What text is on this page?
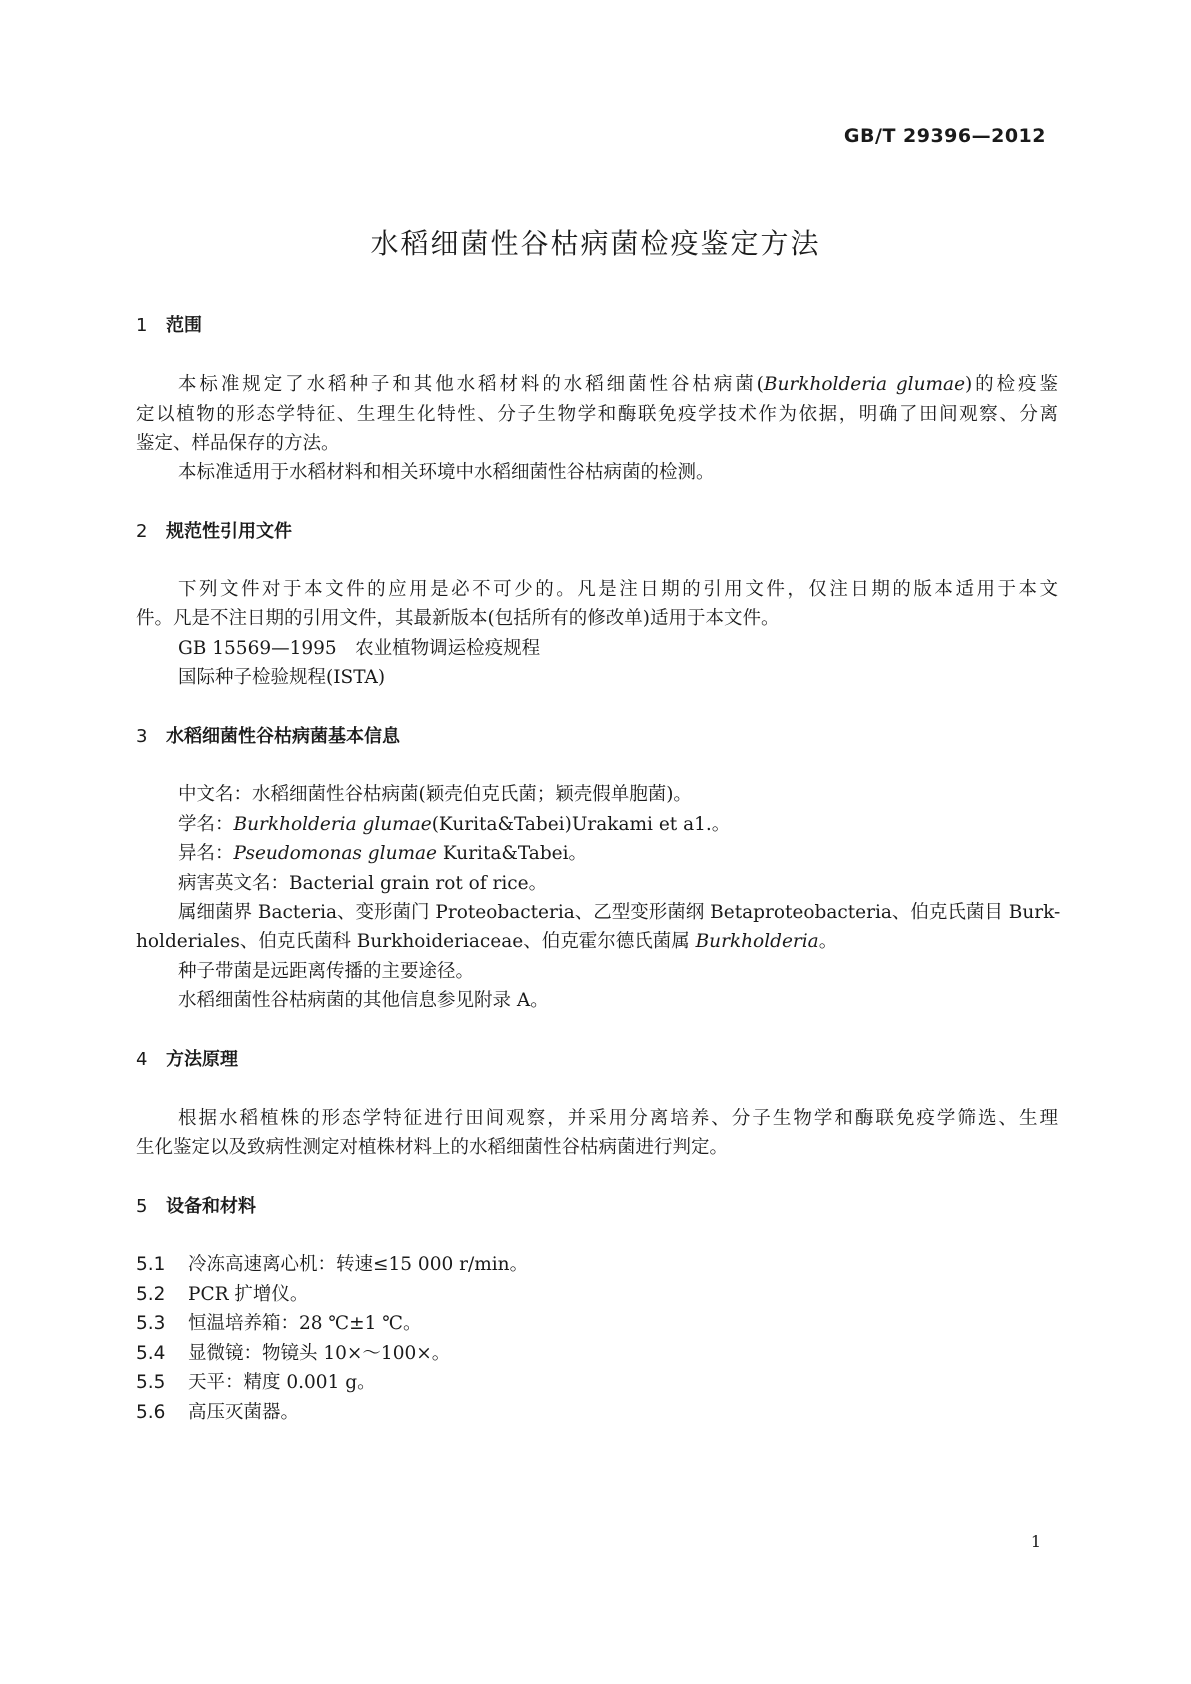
GB/T 29396—2012
水稻细菌性谷枯病菌检疫鉴定方法
1 范围
本标准规定了水稻种子和其他水稻材料的水稻细菌性谷枯病菌(Burkholderia glumae)的检疫鉴
定以植物的形态学特征、生理生化特性、分子生物学和酶联免疫学技术作为依据，明确了田间观察、分离
鉴定、样品保存的方法。
本标准适用于水稻材料和相关环境中水稻细菌性谷枯病菌的检测。
2 规范性引用文件
下列文件对于本文件的应用是必不可少的。凡是注日期的引用文件，仅注日期的版本适用于本文
件。凡是不注日期的引用文件，其最新版本(包括所有的修改单)适用于本文件。
GB 15569—1995　农业植物调运检疫规程
国际种子检验规程(ISTA)
3 水稻细菌性谷枯病菌基本信息
中文名：水稻细菌性谷枯病菌(颖壳伯克氏菌；颖壳假单胞菌)。
学名：Burkholderia glumae(Kurita&Tabei)Urakami et a1.。
异名：Pseudomonas glumae Kurita&Tabei。
病害英文名：Bacterial grain rot of rice。
属细菌界 Bacteria、变形菌门 Proteobacteria、乙型变形菌纲 Betaproteobacteria、伯克氏菌目 Burk-
holderiales、伯克氏菌科 Burkhoideriaceae、伯克霍尔德氏菌属 Burkholderia。
种子带菌是远距离传播的主要途径。
水稻细菌性谷枯病菌的其他信息参见附录 A。
4 方法原理
根据水稻植株的形态学特征进行田间观察，并采用分离培养、分子生物学和酶联免疫学筛选、生理
生化鉴定以及致病性测定对植株材料上的水稻细菌性谷枯病菌进行判定。
5 设备和材料
5.1 冷冻高速离心机：转速≤15 000 r/min。
5.2 PCR 扩增仪。
5.3 恒温培养箱：28 ℃±1 ℃。
5.4 显微镜：物镜头 10×～100×。
5.5 天平：精度 0.001 g。
5.6 高压灭菌器。
1
